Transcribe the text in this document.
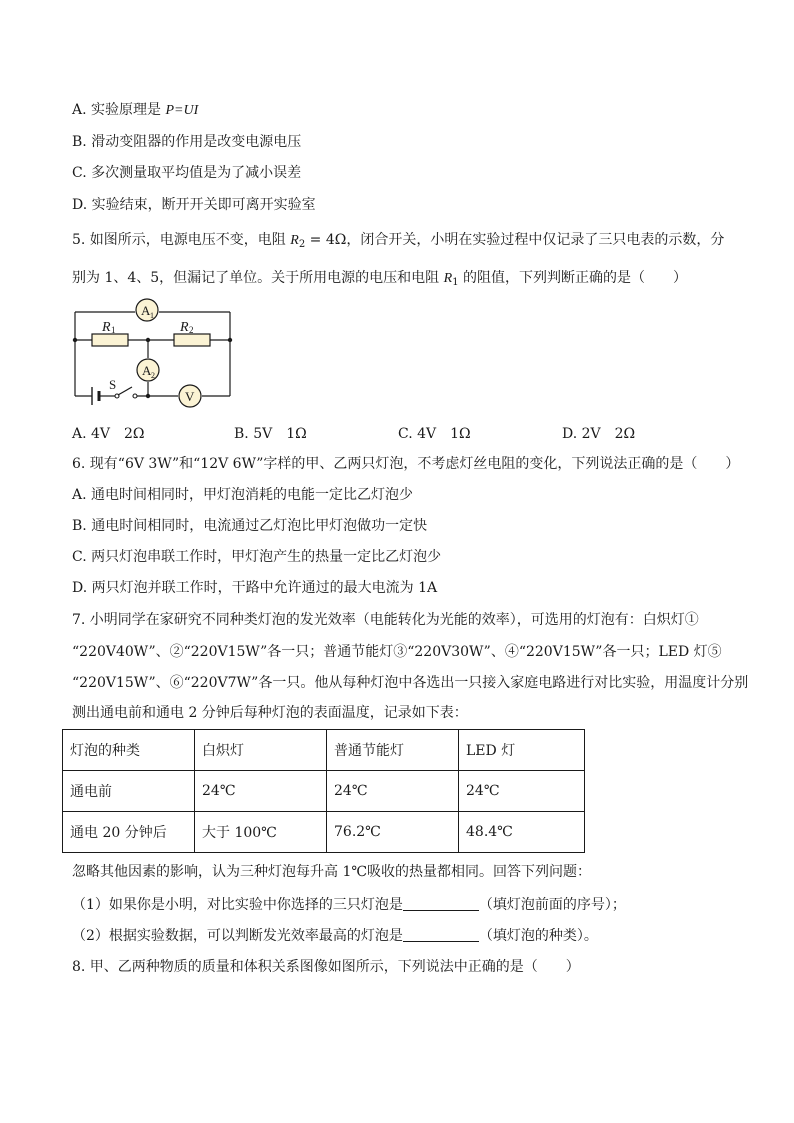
A. 实验原理是 P=UI
B. 滑动变阻器的作用是改变电源电压
C. 多次测量取平均值是为了减小误差
D. 实验结束，断开开关即可离开实验室
5. 如图所示，电源电压不变，电阻 $R_2 = 4\Omega$，闭合开关，小明在实验过程中仅记录了三只电表的示数，分
别为 1、4、5，但漏记了单位。关于所用电源的电压和电阻 $R_1$ 的阻值，下列判断正确的是（　　）
A 1
R 1	R 2
A 2
S
V
A. 4V　2Ω	B. 5V　1Ω	C. 4V　1Ω	D. 2V　2Ω
6. 现有“6V 3W”和“12V 6W”字样的甲、乙两只灯泡，不考虑灯丝电阻的变化，下列说法正确的是（　　）
A. 通电时间相同时，甲灯泡消耗的电能一定比乙灯泡少
B. 通电时间相同时，电流通过乙灯泡比甲灯泡做功一定快
C. 两只灯泡串联工作时，甲灯泡产生的热量一定比乙灯泡少
D. 两只灯泡并联工作时，干路中允许通过的最大电流为 1A
7. 小明同学在家研究不同种类灯泡的发光效率（电能转化为光能的效率），可选用的灯泡有：白炽灯①
“220V40W”、②“220V15W”各一只；普通节能灯③“220V30W”、④“220V15W”各一只；LED 灯⑤
“220V15W”、⑥“220V7W”各一只。他从每种灯泡中各选出一只接入家庭电路进行对比实验，用温度计分别
测出通电前和通电 2 分钟后每种灯泡的表面温度，记录如下表：
灯泡的种类	白炽灯	普通节能灯	LED 灯
通电前	24℃	24℃	24℃
通电 20 分钟后	大于 100℃	76.2℃	48.4℃
忽略其他因素的影响，认为三种灯泡每升高 1℃吸收的热量都相同。回答下列问题：
（1）如果你是小明，对比实验中你选择的三只灯泡是	（填灯泡前面的序号）；
（2）根据实验数据，可以判断发光效率最高的灯泡是	（填灯泡的种类）。
8. 甲、乙两种物质的质量和体积关系图像如图所示，下列说法中正确的是（　　）
